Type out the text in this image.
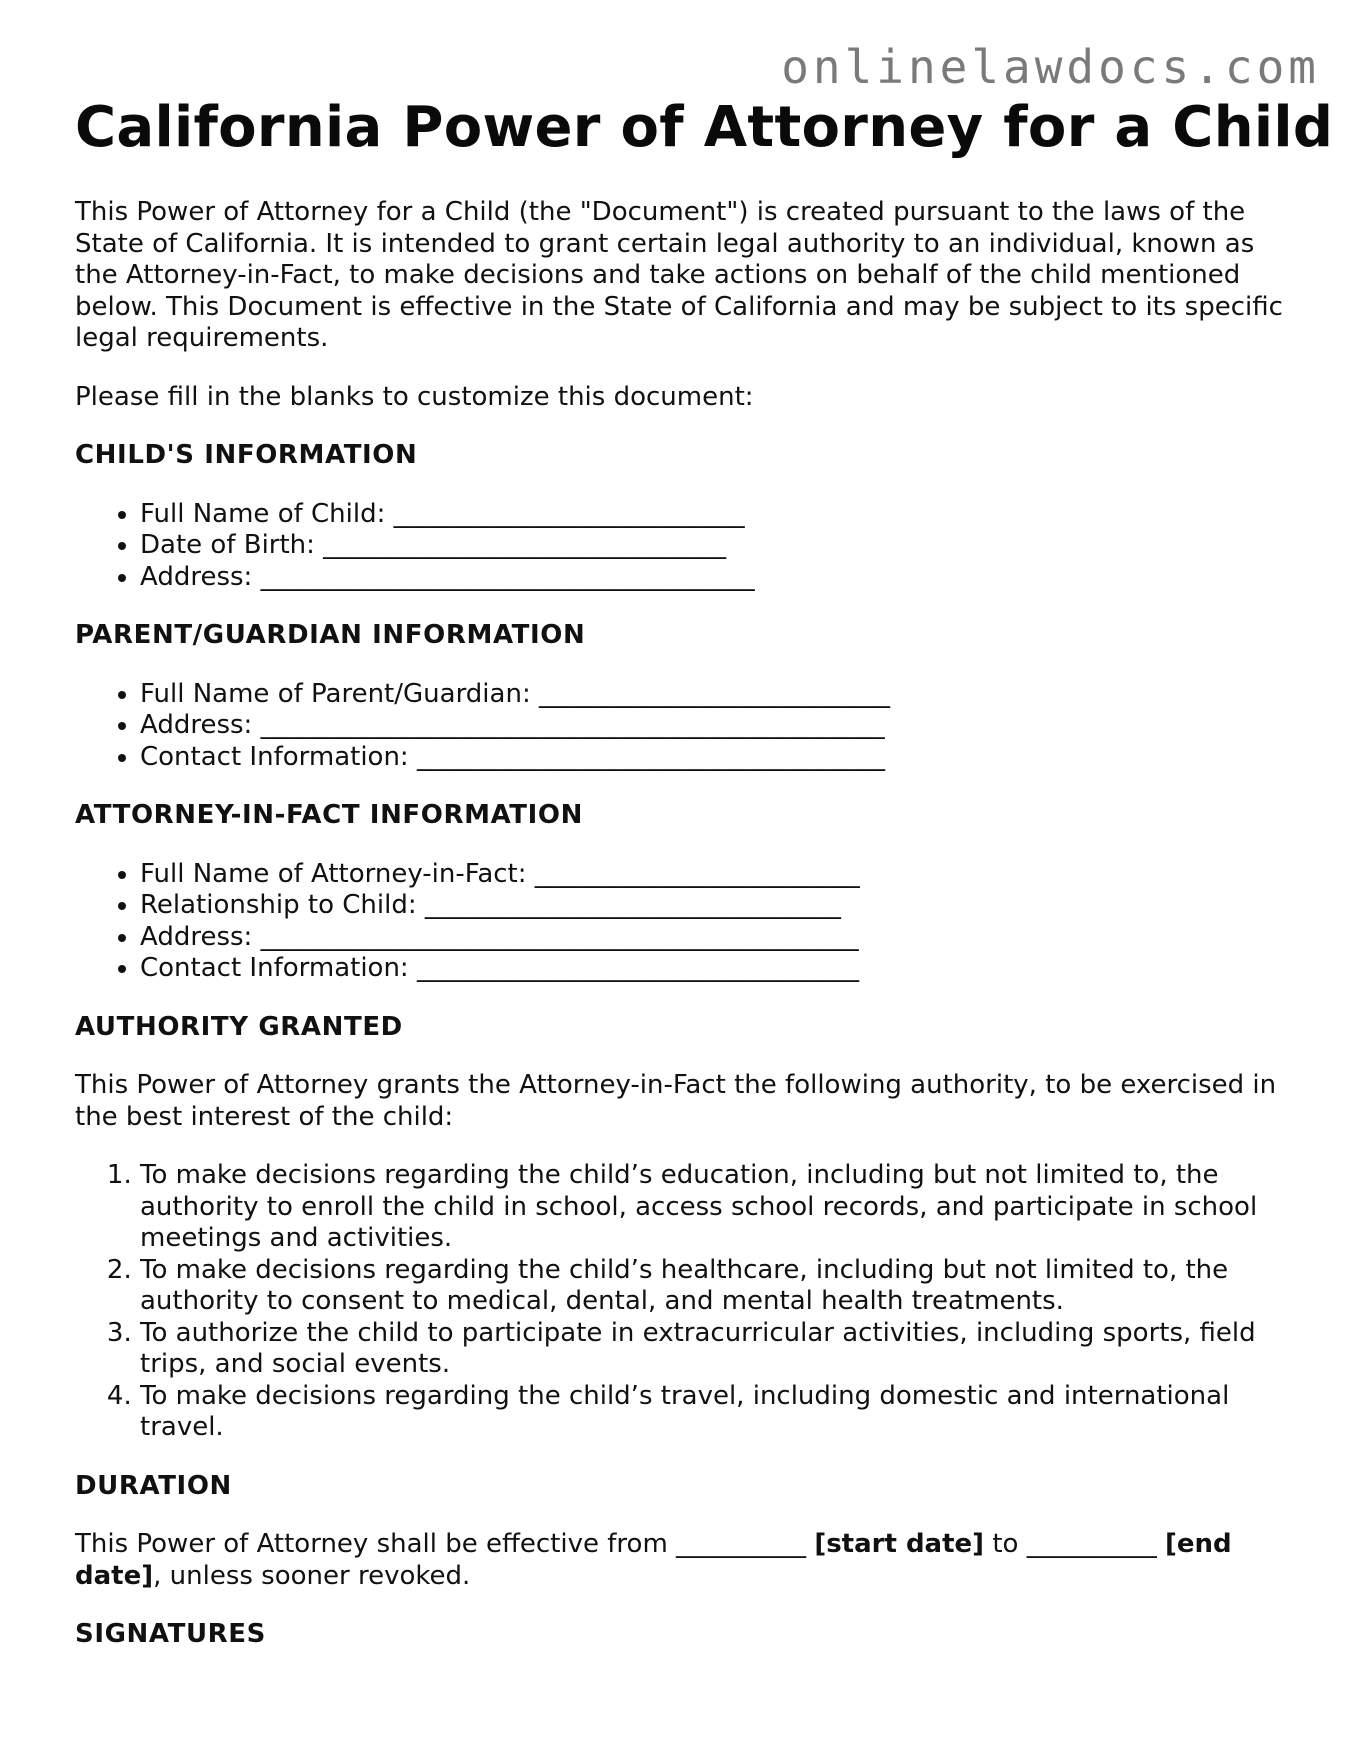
onlinelawdocs.com
California Power of Attorney for a Child

This Power of Attorney for a Child (the "Document") is created pursuant to the laws of the State of California. It is intended to grant certain legal authority to an individual, known as the Attorney-in-Fact, to make decisions and take actions on behalf of the child mentioned below. This Document is effective in the State of California and may be subject to its specific legal requirements.

Please fill in the blanks to customize this document:

CHILD'S INFORMATION
• Full Name of Child: ___________________________
• Date of Birth: _______________________________
• Address: ______________________________________
PARENT/GUARDIAN INFORMATION
• Full Name of Parent/Guardian: ___________________________
• Address: ________________________________________________
• Contact Information: ____________________________________
ATTORNEY-IN-FACT INFORMATION
• Full Name of Attorney-in-Fact: _________________________
• Relationship to Child: ________________________________
• Address: ______________________________________________
• Contact Information: __________________________________
AUTHORITY GRANTED

This Power of Attorney grants the Attorney-in-Fact the following authority, to be exercised in the best interest of the child:

1. To make decisions regarding the child’s education, including but not limited to, the authority to enroll the child in school, access school records, and participate in school meetings and activities.
2. To make decisions regarding the child’s healthcare, including but not limited to, the authority to consent to medical, dental, and mental health treatments.
3. To authorize the child to participate in extracurricular activities, including sports, field trips, and social events.
4. To make decisions regarding the child’s travel, including domestic and international travel.
DURATION

This Power of Attorney shall be effective from __________ [start date] to __________ [end date], unless sooner revoked.

SIGNATURES
